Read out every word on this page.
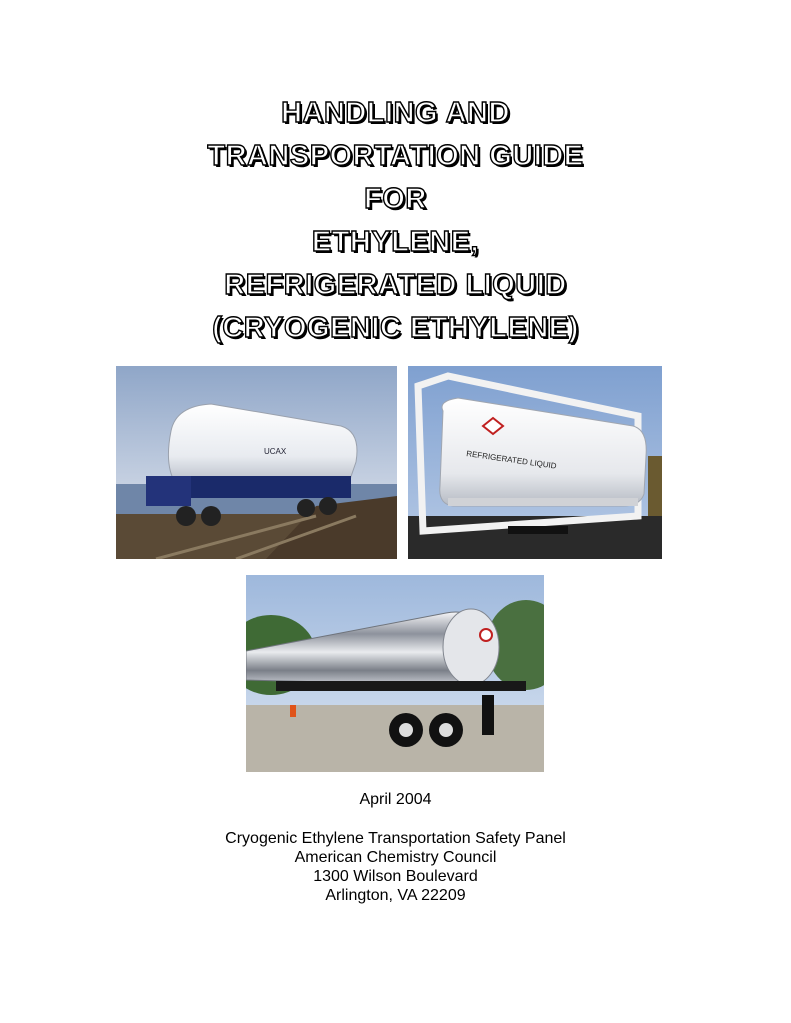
HANDLING AND
TRANSPORTATION GUIDE
FOR
ETHYLENE,
REFRIGERATED LIQUID
(CRYOGENIC ETHYLENE)
UCAX	REFRIGERATED LIQUID
April 2004
Cryogenic Ethylene Transportation Safety Panel
American Chemistry Council
1300 Wilson Boulevard
Arlington, VA 22209
